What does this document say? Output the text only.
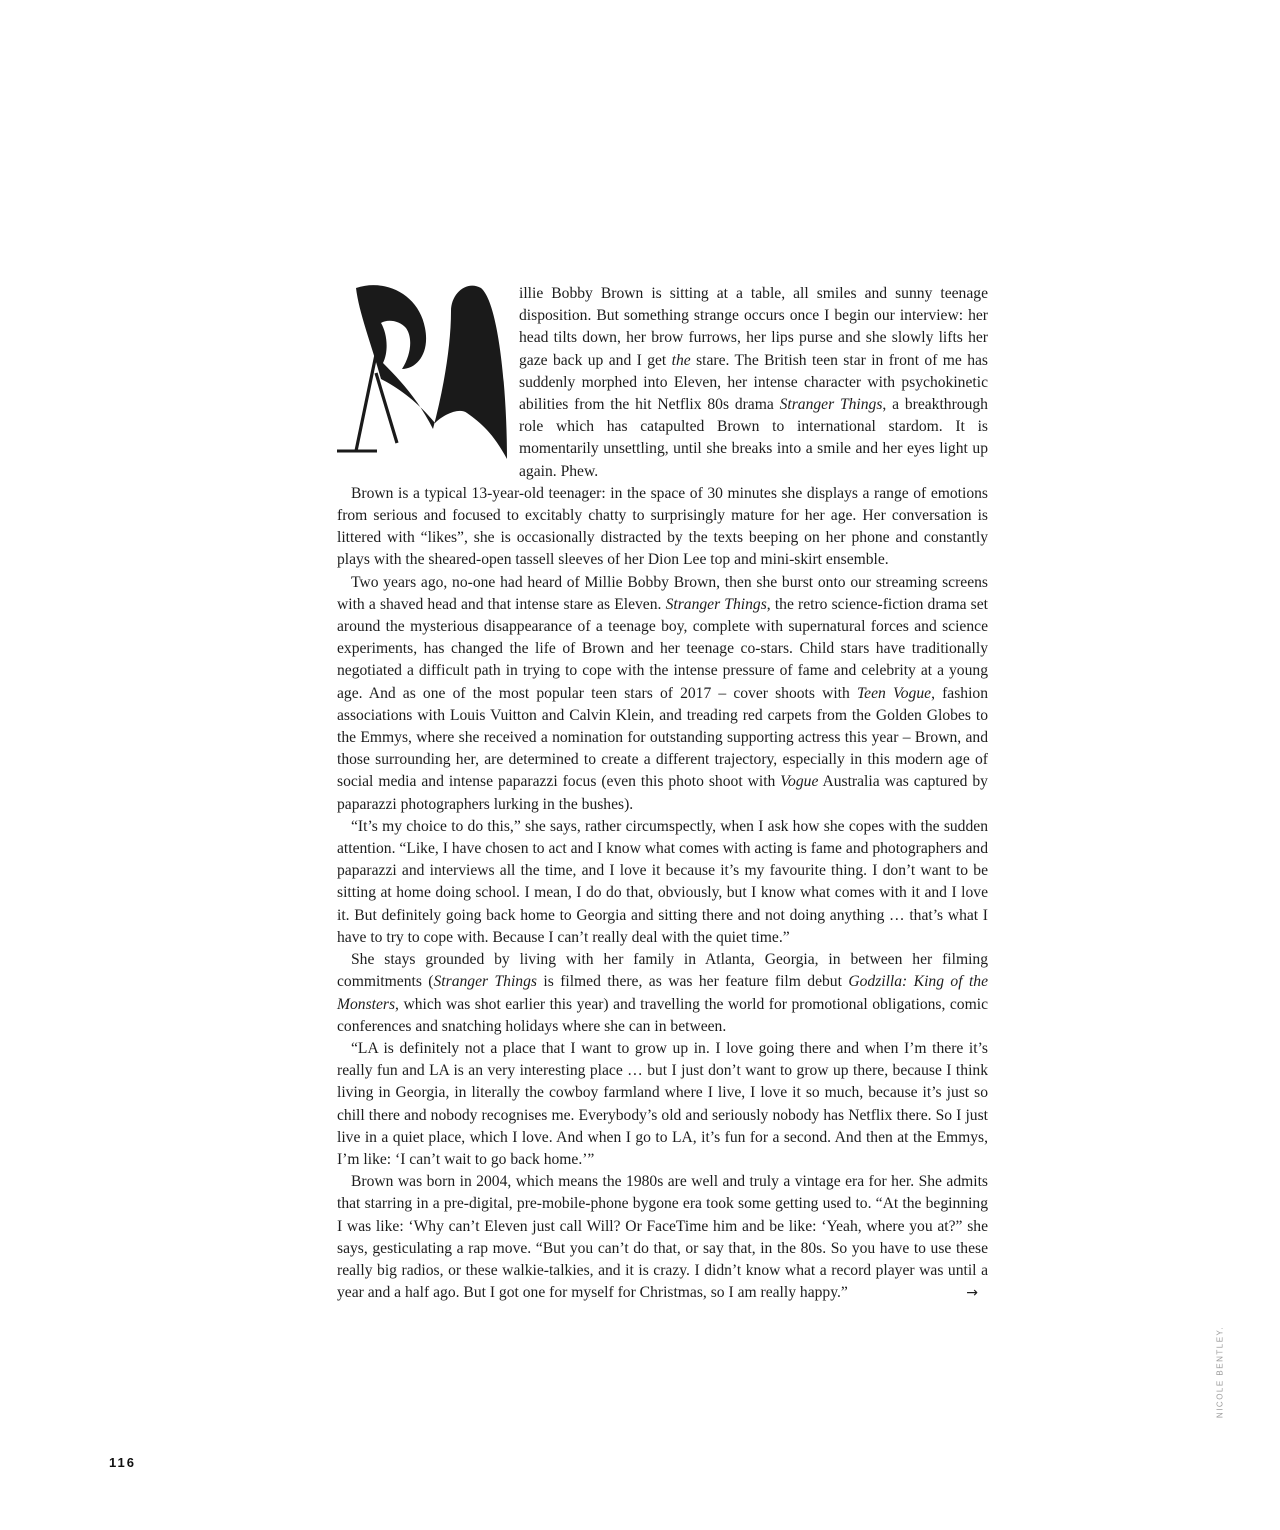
illie Bobby Brown is sitting at a table, all smiles and sunny teenage disposition. But something strange occurs once I begin our interview: her head tilts down, her brow furrows, her lips purse and she slowly lifts her gaze back up and I get the stare. The British teen star in front of me has suddenly morphed into Eleven, her intense character with psychokinetic abilities from the hit Netflix 80s drama Stranger Things, a breakthrough role which has catapulted Brown to international stardom. It is momentarily unsettling, until she breaks into a smile and her eyes light up again. Phew.

Brown is a typical 13-year-old teenager: in the space of 30 minutes she displays a range of emotions from serious and focused to excitably chatty to surprisingly mature for her age. Her conversation is littered with “likes”, she is occasionally distracted by the texts beeping on her phone and constantly plays with the sheared-open tassell sleeves of her Dion Lee top and mini-skirt ensemble.

Two years ago, no-one had heard of Millie Bobby Brown, then she burst onto our streaming screens with a shaved head and that intense stare as Eleven. Stranger Things, the retro science-fiction drama set around the mysterious disappearance of a teenage boy, complete with supernatural forces and science experiments, has changed the life of Brown and her teenage co-stars. Child stars have traditionally negotiated a difficult path in trying to cope with the intense pressure of fame and celebrity at a young age. And as one of the most popular teen stars of 2017 – cover shoots with Teen Vogue, fashion associations with Louis Vuitton and Calvin Klein, and treading red carpets from the Golden Globes to the Emmys, where she received a nomination for outstanding supporting actress this year – Brown, and those surrounding her, are determined to create a different trajectory, especially in this modern age of social media and intense paparazzi focus (even this photo shoot with Vogue Australia was captured by paparazzi photographers lurking in the bushes).

“It’s my choice to do this,” she says, rather circumspectly, when I ask how she copes with the sudden attention. “Like, I have chosen to act and I know what comes with acting is fame and photographers and paparazzi and interviews all the time, and I love it because it’s my favourite thing. I don’t want to be sitting at home doing school. I mean, I do do that, obviously, but I know what comes with it and I love it. But definitely going back home to Georgia and sitting there and not doing anything … that’s what I have to try to cope with. Because I can’t really deal with the quiet time.”

She stays grounded by living with her family in Atlanta, Georgia, in between her filming commitments (Stranger Things is filmed there, as was her feature film debut Godzilla: King of the Monsters, which was shot earlier this year) and travelling the world for promotional obligations, comic conferences and snatching holidays where she can in between.

“LA is definitely not a place that I want to grow up in. I love going there and when I’m there it’s really fun and LA is an very interesting place … but I just don’t want to grow up there, because I think living in Georgia, in literally the cowboy farmland where I live, I love it so much, because it’s just so chill there and nobody recognises me. Everybody’s old and seriously nobody has Netflix there. So I just live in a quiet place, which I love. And when I go to LA, it’s fun for a second. And then at the Emmys, I’m like: ‘I can’t wait to go back home.’”

Brown was born in 2004, which means the 1980s are well and truly a vintage era for her. She admits that starring in a pre-digital, pre-mobile-phone bygone era took some getting used to. “At the beginning I was like: ‘Why can’t Eleven just call Will? Or FaceTime him and be like: ‘Yeah, where you at?” she says, gesticulating a rap move. “But you can’t do that, or say that, in the 80s. So you have to use these really big radios, or these walkie-talkies, and it is crazy. I didn’t know what a record player was until a year and a half ago. But I got one for myself for Christmas, so I am really happy.”	→

NICOLE BENTLEY.
116
